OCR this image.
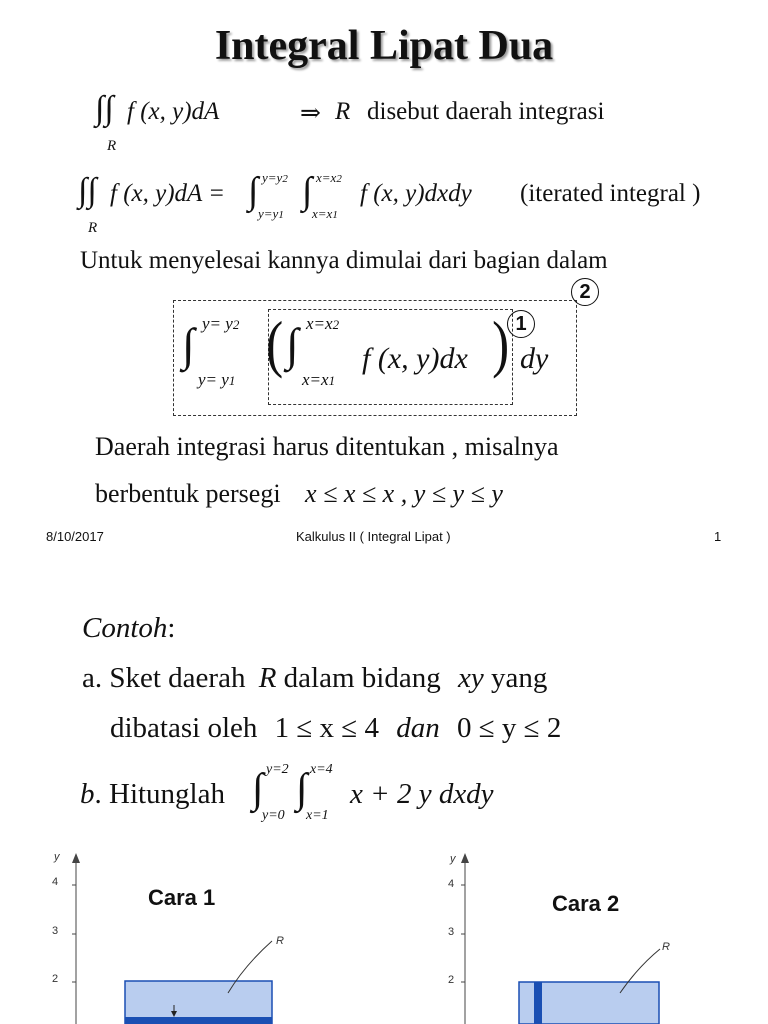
Integral Lipat Dua
∫∫
R
f (x, y)dA	⇒ R disebut daerah integrasi
∫∫
R
f (x, y)dA = ∫ y=y2
y=y1
∫ x=x2
x=x1
f (x, y)dxdy (iterated integral )
Untuk menyelesai kannya dimulai dari bagian dalam
2
1
∫ y= y2
y= y1
( ∫ x=x2
x=x1
f (x, y)dx ) dy
Daerah integrasi harus ditentukan , misalnya
berbentuk persegi x ≤ x ≤ x , y ≤ y ≤ y
8/10/2017	Kalkulus II ( Integral Lipat )	1
Contoh:
a. Sket daerah R dalam bidang xy yang
dibatasi oleh 1 ≤ x ≤ 4 dan 0 ≤ y ≤ 2
b. Hitunglah ∫ y=2
y=0
∫ x=4
x=1
x + 2 y dxdy
y
4
3
2
R
Cara 1
y
4
3
2
R
Cara 2
